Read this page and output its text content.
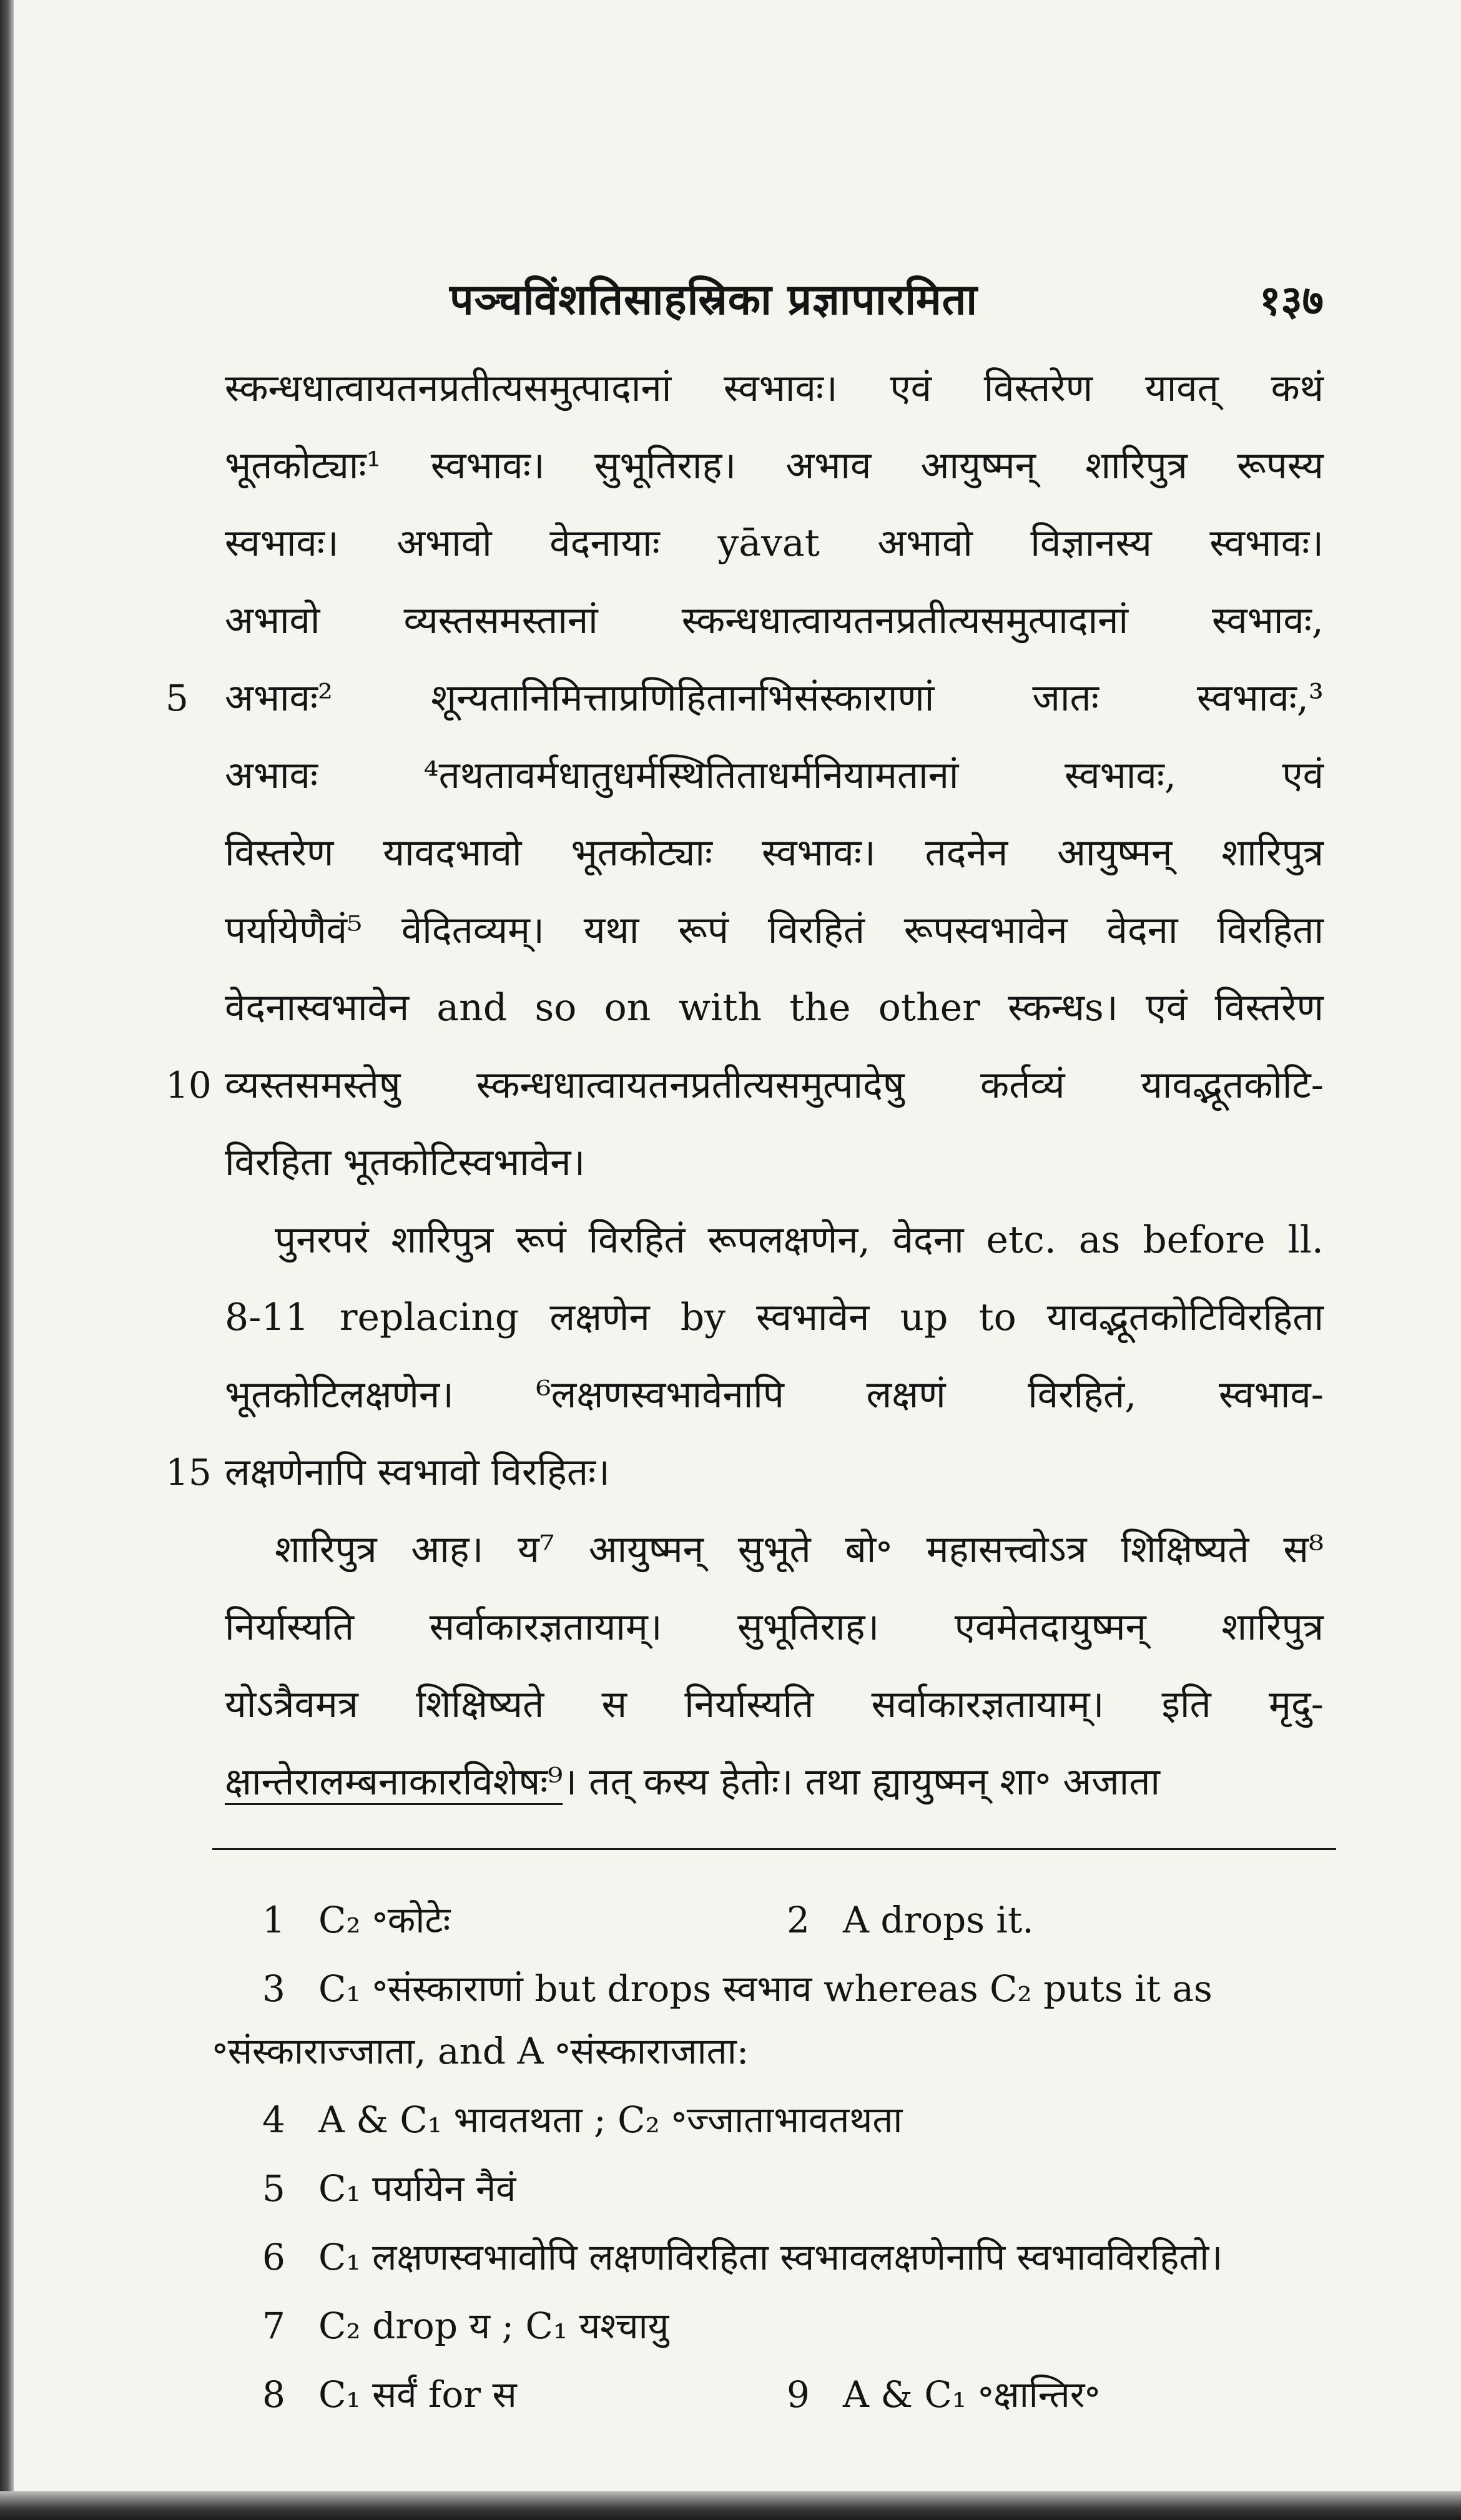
पञ्चविंशतिसाहस्रिका प्रज्ञापारमिता	१३७
स्कन्धधात्वायतनप्रतीत्यसमुत्पादानां स्वभावः। एवं विस्तरेण यावत् कथं
भूतकोट्याः¹ स्वभावः। सुभूतिराह। अभाव आयुष्मन् शारिपुत्र रूपस्य
स्वभावः। अभावो वेदनायाः yāvat अभावो विज्ञानस्य स्वभावः।
अभावो व्यस्तसमस्तानां स्कन्धधात्वायतनप्रतीत्यसमुत्पादानां स्वभावः,
5 अभावः² शून्यतानिमित्ताप्रणिहितानभिसंस्काराणां जातः स्वभावः,³
अभावः ⁴तथतावर्मधातुधर्मस्थितिताधर्मनियामतानां स्वभावः, एवं
विस्तरेण यावदभावो भूतकोट्याः स्वभावः। तदनेन आयुष्मन् शारिपुत्र
पर्यायेणैवं⁵ वेदितव्यम्। यथा रूपं विरहितं रूपस्वभावेन वेदना विरहिता
वेदनास्वभावेन and so on with the other स्कन्धs। एवं विस्तरेण
10 व्यस्तसमस्तेषु स्कन्धधात्वायतनप्रतीत्यसमुत्पादेषु कर्तव्यं यावद्भूतकोटि-
विरहिता भूतकोटिस्वभावेन।
पुनरपरं शारिपुत्र रूपं विरहितं रूपलक्षणेन, वेदना etc. as before ll.
8-11 replacing लक्षणेन by स्वभावेन up to यावद्भूतकोटिविरहिता
भूतकोटिलक्षणेन। ⁶लक्षणस्वभावेनापि लक्षणं विरहितं, स्वभाव-
15 लक्षणेनापि स्वभावो विरहितः।
शारिपुत्र आह। य⁷ आयुष्मन् सुभूते बो॰ महासत्त्वोऽत्र शिक्षिष्यते स⁸
निर्यास्यति सर्वाकारज्ञतायाम्। सुभूतिराह। एवमेतदायुष्मन् शारिपुत्र
योऽत्रैवमत्र शिक्षिष्यते स निर्यास्यति सर्वाकारज्ञतायाम्। इति मृदु-
क्षान्तेरालम्बनाकारविशेषः⁹। तत् कस्य हेतोः। तथा ह्यायुष्मन् शा॰ अजाता
1 C₂ ॰कोटेः	2 A drops it.
3 C₁ ॰संस्काराणां but drops स्वभाव whereas C₂ puts it as
॰संस्काराज्जाता, and A ॰संस्काराजाता:
4 A & C₁ भावतथता ; C₂ ॰ज्जाताभावतथता
5 C₁ पर्यायेन नैवं
6 C₁ लक्षणस्वभावोपि लक्षणविरहिता स्वभावलक्षणेनापि स्वभावविरहितो।
7 C₂ drop य ; C₁ यश्चायु
8 C₁ सर्वं for स	9 A & C₁ ॰क्षान्तिर॰
